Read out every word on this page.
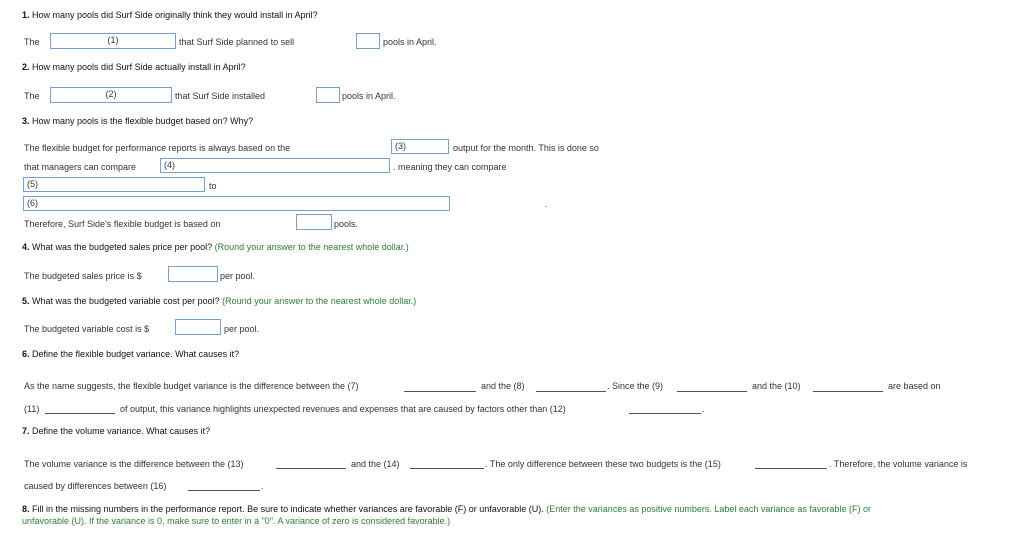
1. How many pools did Surf Side originally think they would install in April?
The	(1)	that Surf Side planned to sell	pools in April.
2. How many pools did Surf Side actually install in April?
The	(2)	that Surf Side installed	pools in April.
3. How many pools is the flexible budget based on? Why?
The flexible budget for performance reports is always based on the	(3)	output for the month. This is done so
that managers can compare	(4)	. meaning they can compare
(5)	to
(6)	.
Therefore, Surf Side's flexible budget is based on	pools.
4. What was the budgeted sales price per pool? (Round your answer to the nearest whole dollar.)
The budgeted sales price is $	per pool.
5. What was the budgeted variable cost per pool? (Round your answer to the nearest whole dollar.)
The budgeted variable cost is $	per pool.
6. Define the flexible budget variance. What causes it?
As the name suggests, the flexible budget variance is the difference between the (7)	and the (8)	. Since the (9)	and the (10)	are based on
(11)	of output, this variance highlights unexpected revenues and expenses that are caused by factors other than (12)	.
7. Define the volume variance. What causes it?
The volume variance is the difference between the (13)	and the (14)	. The only difference between these two budgets is the (15)	. Therefore, the volume variance is
caused by differences between (16)	.
8. Fill in the missing numbers in the performance report. Be sure to indicate whether variances are favorable (F) or unfavorable (U). (Enter the variances as positive numbers. Label each variance as favorable (F) or
unfavorable (U). If the variance is 0, make sure to enter in a "0". A variance of zero is considered favorable.)
